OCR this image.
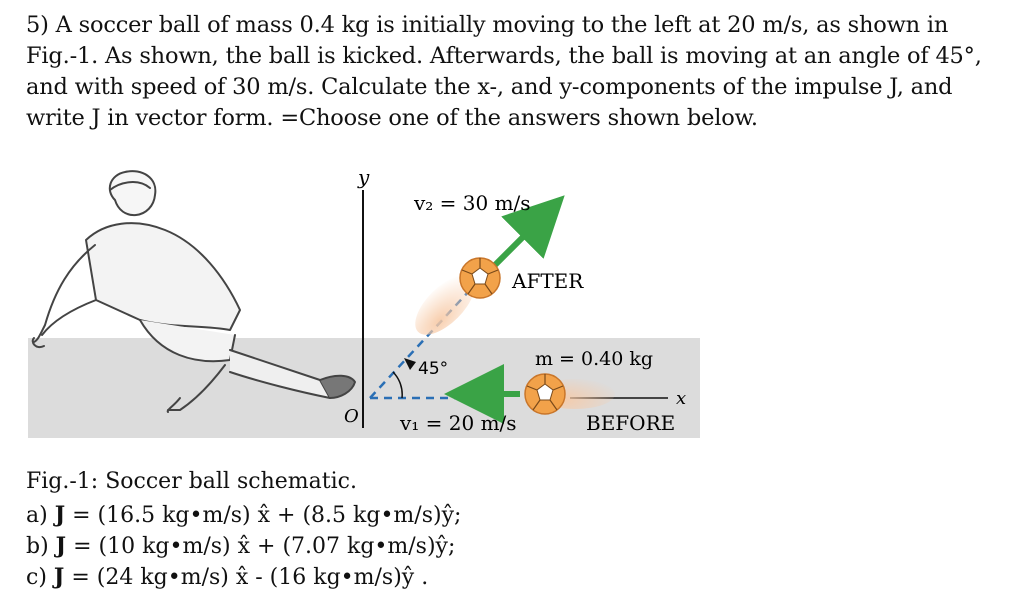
5) A soccer ball of mass 0.4 kg is initially moving to the left at 20 m/s, as shown in
Fig.-1. As shown, the ball is kicked. Afterwards, the ball is moving at an angle of 45°,
and with speed of 30 m/s. Calculate the x-, and y-components of the impulse J, and
write J in vector form. =Choose one of the answers shown below.
y
O
x
45°
v₂ = 30 m/s
AFTER
m = 0.40 kg
v₁ = 20 m/s	BEFORE
Fig.-1: Soccer ball schematic.
a) J = (16.5 kg•m/s) x̂ + (8.5 kg•m/s)ŷ;
b) J = (10 kg•m/s) x̂ + (7.07 kg•m/s)ŷ;
c) J = (24 kg•m/s) x̂ - (16 kg•m/s)ŷ .
